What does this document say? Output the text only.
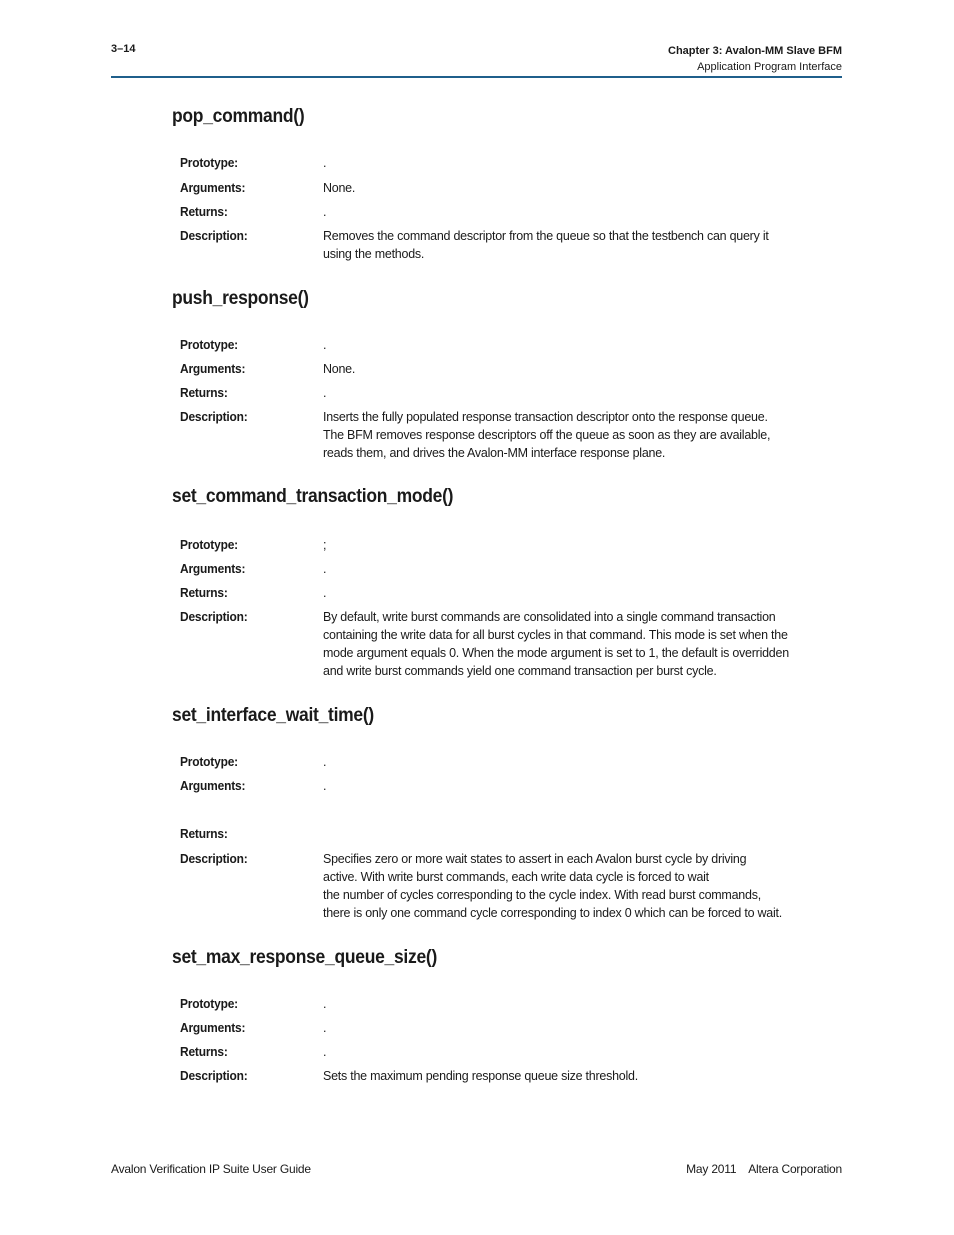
3–14	Chapter 3: Avalon-MM Slave BFM
Application Program Interface
pop_command()
Prototype:	.
Arguments:	None.
Returns:	.
Description:	Removes the command descriptor from the queue so that the testbench can query it
using the methods.
push_response()
Prototype:	.
Arguments:	None.
Returns:	.
Description:	Inserts the fully populated response transaction descriptor onto the response queue.
The BFM removes response descriptors off the queue as soon as they are available,
reads them, and drives the Avalon-MM interface response plane.
set_command_transaction_mode()
Prototype:	;
Arguments:	.
Returns:	.
Description:	By default, write burst commands are consolidated into a single command transaction
containing the write data for all burst cycles in that command. This mode is set when the
mode argument equals 0. When the mode argument is set to 1, the default is overridden
and write burst commands yield one command transaction per burst cycle.
set_interface_wait_time()
Prototype:	.
Arguments:	.
Returns:
Description:	Specifies zero or more wait states to assert in each Avalon burst cycle by driving
active. With write burst commands, each write data cycle is forced to wait
the number of cycles corresponding to the cycle index. With read burst commands,
there is only one command cycle corresponding to index 0 which can be forced to wait.
set_max_response_queue_size()
Prototype:	.
Arguments:	.
Returns:	.
Description:	Sets the maximum pending response queue size threshold.
Avalon Verification IP Suite User Guide	May 2011    Altera Corporation
